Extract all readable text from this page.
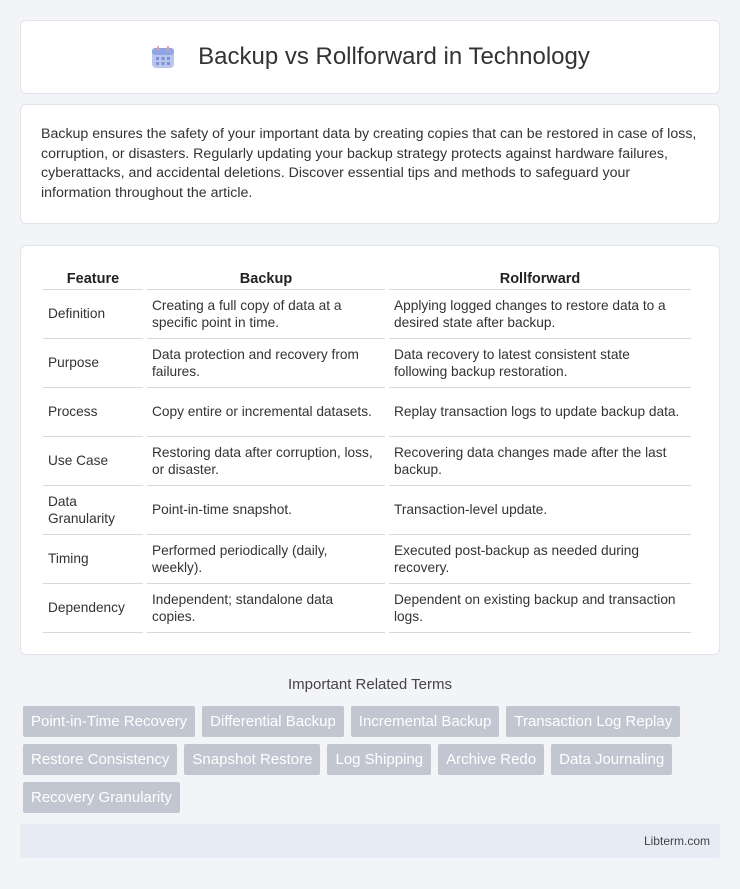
Backup vs Rollforward in Technology

Backup ensures the safety of your important data by creating copies that can be restored in case of loss, corruption, or disasters. Regularly updating your backup strategy protects against hardware failures, cyberattacks, and accidental deletions. Discover essential tips and methods to safeguard your information throughout the article.

Feature	Backup	Rollforward
Definition	Creating a full copy of data at a specific point in time.	Applying logged changes to restore data to a desired state after backup.
Purpose	Data protection and recovery from failures.	Data recovery to latest consistent state following backup restoration.
Process	Copy entire or incremental datasets.	Replay transaction logs to update backup data.
Use Case	Restoring data after corruption, loss, or disaster.	Recovering data changes made after the last backup.
Data Granularity	Point-in-time snapshot.	Transaction-level update.
Timing	Performed periodically (daily, weekly).	Executed post-backup as needed during recovery.
Dependency	Independent; standalone data copies.	Dependent on existing backup and transaction logs.
Important Related Terms
Point-in-Time Recovery	Differential Backup	Incremental Backup	Transaction Log Replay
Restore Consistency	Snapshot Restore	Log Shipping	Archive Redo	Data Journaling
Recovery Granularity
Libterm.com
